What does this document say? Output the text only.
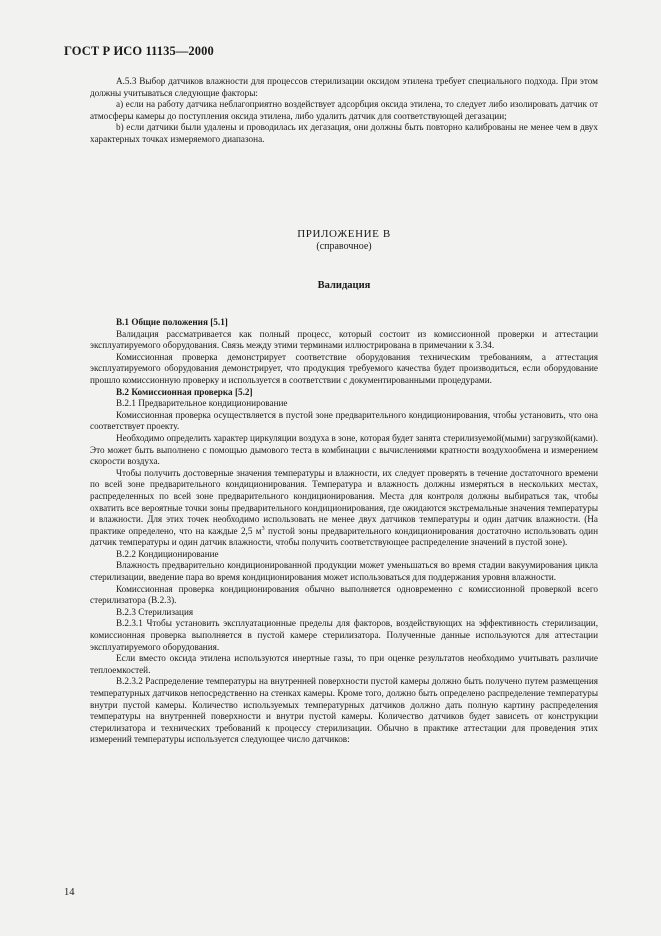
ГОСТ Р ИСО 11135—2000

А.5.3 Выбор датчиков влажности для процессов стерилизации оксидом этилена требует специального подхода. При этом должны учитываться следующие факторы:

а) если на работу датчика неблагоприятно воздействует адсорбция оксида этилена, то следует либо изолировать датчик от атмосферы камеры до поступления оксида этилена, либо удалить датчик для соответствующей дегазации;

b) если датчики были удалены и проводилась их дегазация, они должны быть повторно калиброваны не менее чем в двух характерных точках измеряемого диапазона.

ПРИЛОЖЕНИЕ В
(справочное)
Валидация

В.1 Общие положения [5.1]

Валидация рассматривается как полный процесс, который состоит из комиссионной проверки и аттестации эксплуатируемого оборудования. Связь между этими терминами иллюстрирована в примечании к 3.34.

Комиссионная проверка демонстрирует соответствие оборудования техническим требованиям, а аттестация эксплуатируемого оборудования демонстрирует, что продукция требуемого качества будет производиться, если оборудование прошло комиссионную проверку и используется в соответствии с документированными процедурами.

В.2 Комиссионная проверка [5.2]

В.2.1 Предварительное кондиционирование

Комиссионная проверка осуществляется в пустой зоне предварительного кондиционирования, чтобы установить, что она соответствует проекту.

Необходимо определить характер циркуляции воздуха в зоне, которая будет занята стерилизуемой(мыми) загрузкой(ками). Это может быть выполнено с помощью дымового теста в комбинации с вычислениями кратности воздухообмена и измерением скорости воздуха.

Чтобы получить достоверные значения температуры и влажности, их следует проверять в течение достаточного времени по всей зоне предварительного кондиционирования. Температура и влажность должны измеряться в нескольких местах, распределенных по всей зоне предварительного кондиционирования. Места для контроля должны выбираться так, чтобы охватить все вероятные точки зоны предварительного кондиционирования, где ожидаются экстремальные значения температуры и влажности. Для этих точек необходимо использовать не менее двух датчиков температуры и один датчик влажности. (На практике определено, что на каждые 2,5 $м^3$ пустой зоны предварительного кондиционирования достаточно использовать один датчик температуры и один датчик влажности, чтобы получить соответствующее распределение значений в пустой зоне).

В.2.2 Кондиционирование

Влажность предварительно кондиционированной продукции может уменьшаться во время стадии вакуумирования цикла стерилизации, введение пара во время кондиционирования может использоваться для поддержания уровня влажности.

Комиссионная проверка кондиционирования обычно выполняется одновременно с комиссионной проверкой всего стерилизатора (В.2.3).

В.2.3 Стерилизация

В.2.3.1 Чтобы установить эксплуатационные пределы для факторов, воздействующих на эффективность стерилизации, комиссионная проверка выполняется в пустой камере стерилизатора. Полученные данные используются для аттестации эксплуатируемого оборудования.

Если вместо оксида этилена используются инертные газы, то при оценке результатов необходимо учитывать различие теплоемкостей.

В.2.3.2 Распределение температуры на внутренней поверхности пустой камеры должно быть получено путем размещения температурных датчиков непосредственно на стенках камеры. Кроме того, должно быть определено распределение температуры внутри пустой камеры. Количество используемых температурных датчиков должно дать полную картину распределения температуры на внутренней поверхности и внутри пустой камеры. Количество датчиков будет зависеть от конструкции стерилизатора и технических требований к процессу стерилизации. Обычно в практике аттестации для проведения этих измерений температуры используется следующее число датчиков:

14
